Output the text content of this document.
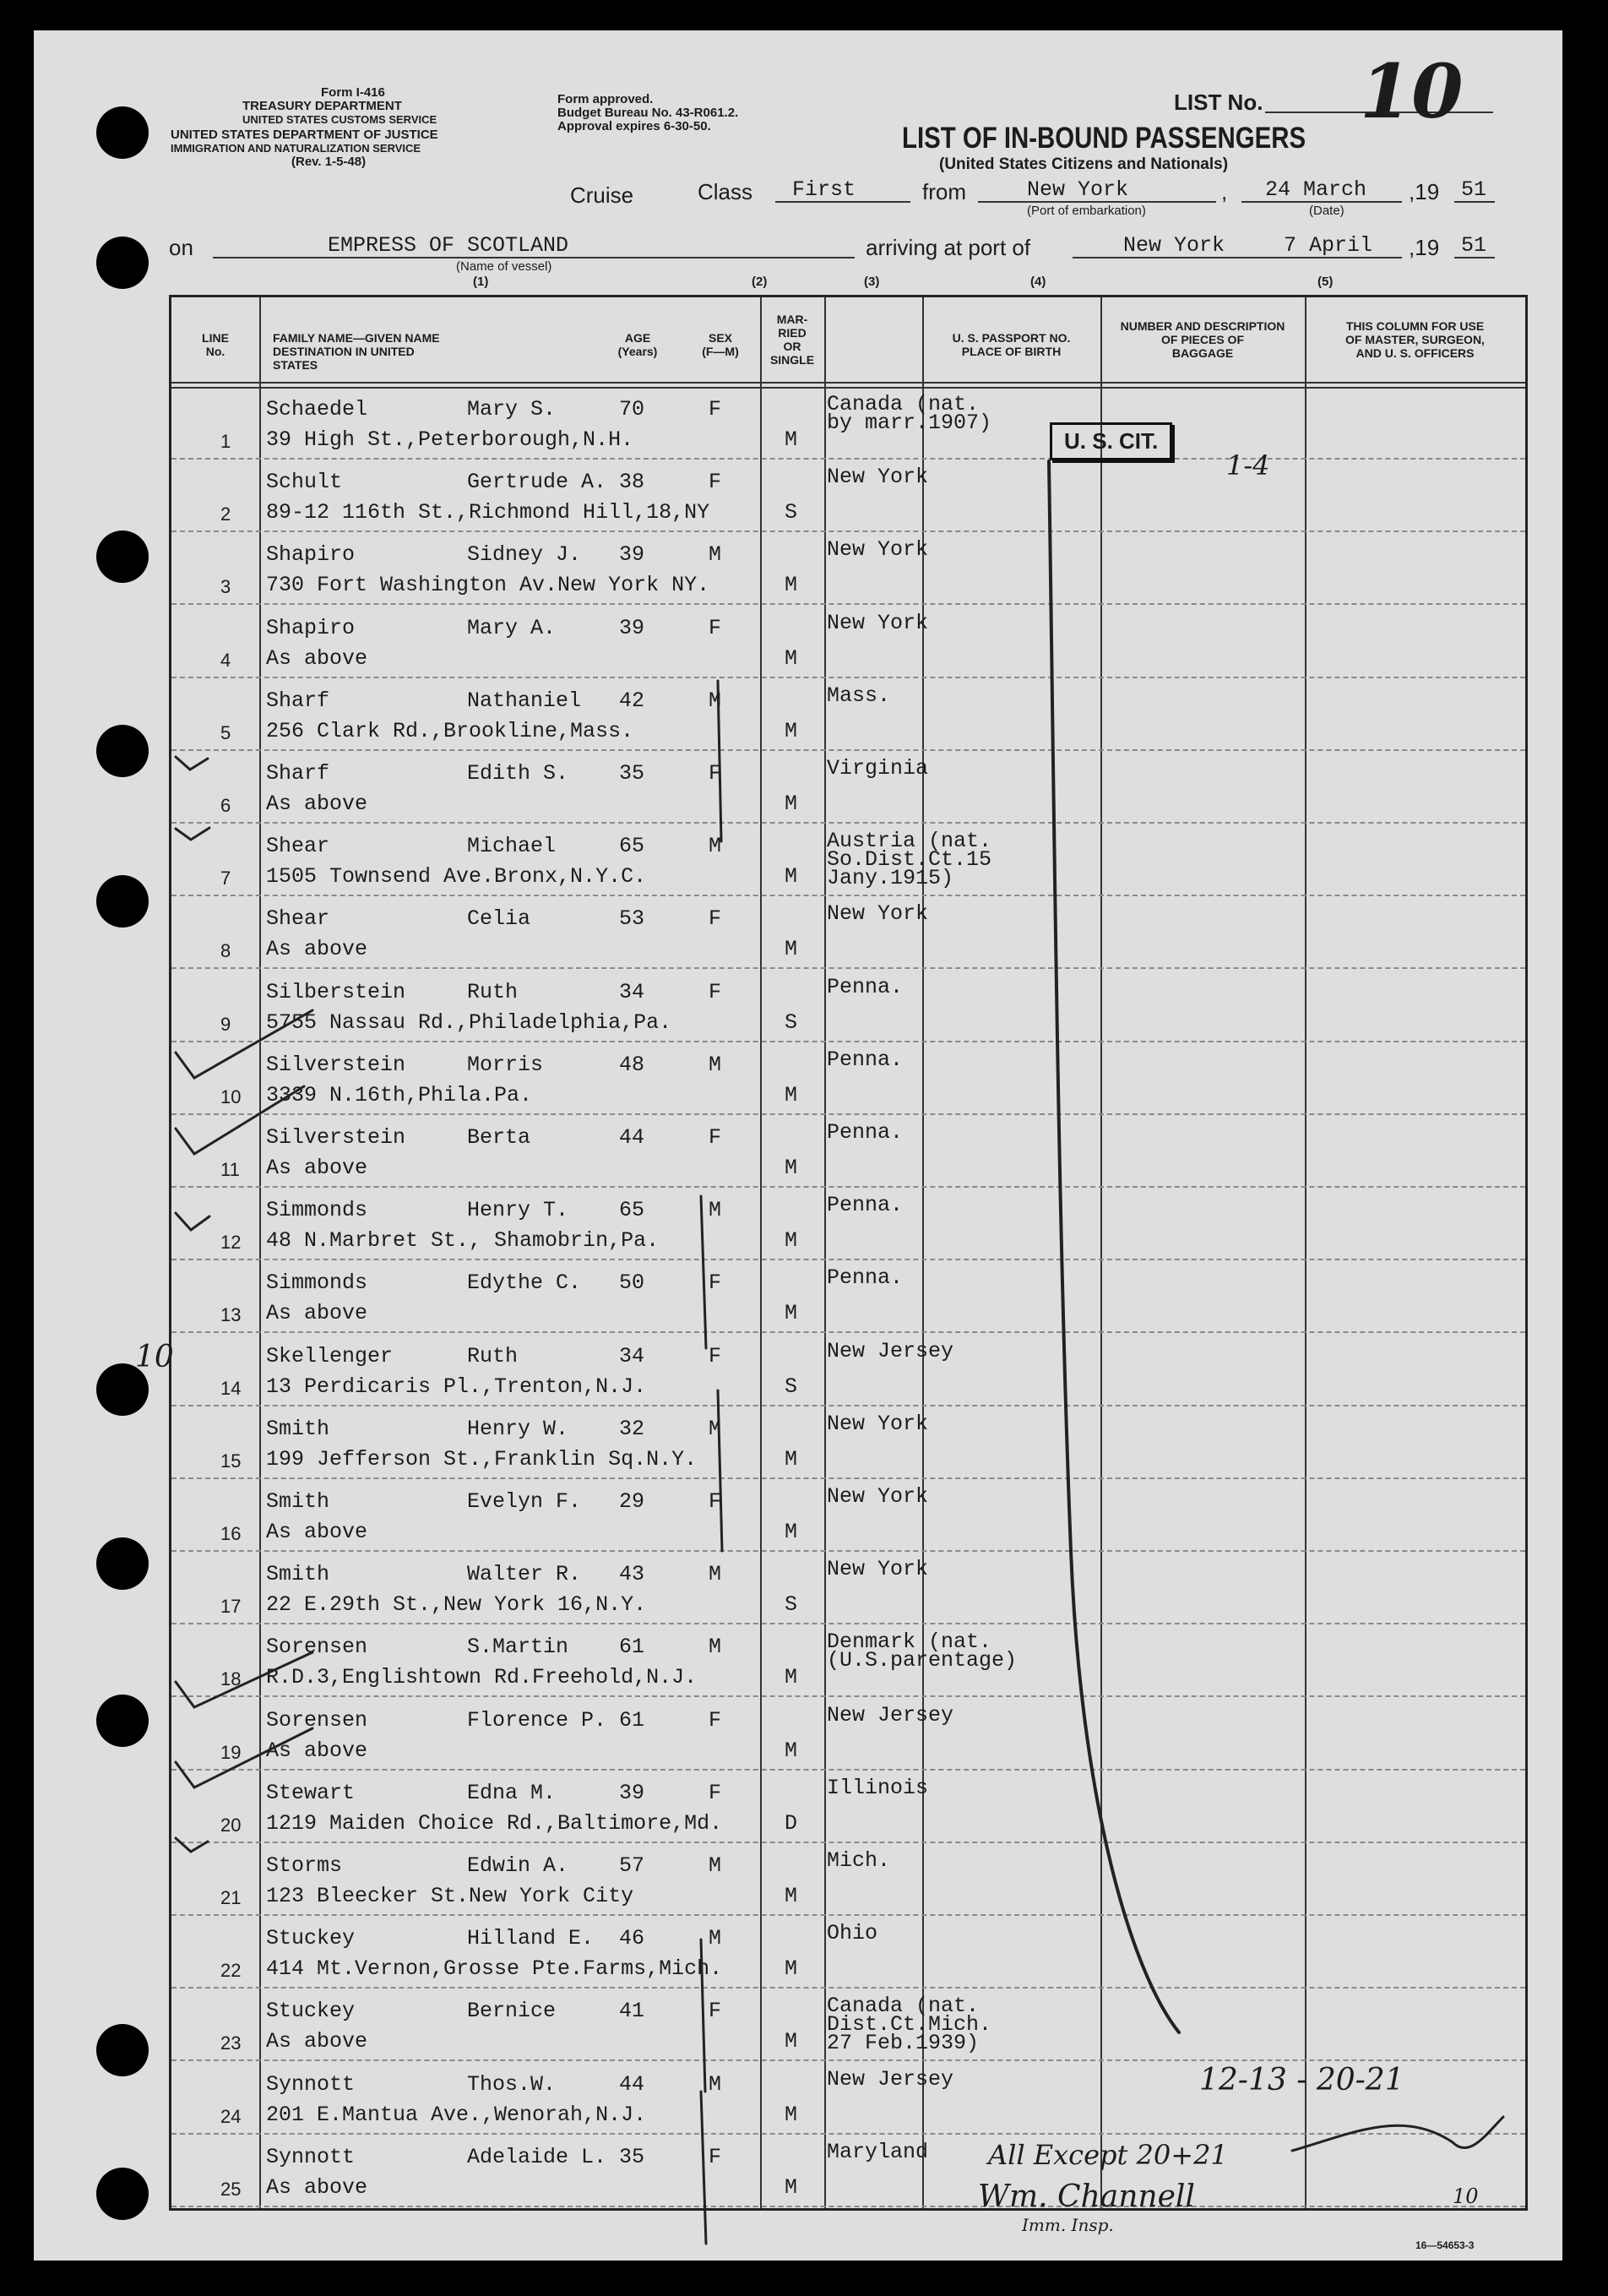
Form I-416
TREASURY DEPARTMENT
UNITED STATES CUSTOMS SERVICE
UNITED STATES DEPARTMENT OF JUSTICE
IMMIGRATION AND NATURALIZATION SERVICE
(Rev. 1-5-48)
Form approved.
Budget Bureau No. 43-R061.2.
Approval expires 6-30-50.
LIST No. 10
LIST OF IN-BOUND PASSENGERS
(United States Citizens and Nationals)
Cruise	Class First	from	New York
(Port of embarkation)
, 24 March
(Date)
,19 51
on	EMPRESS OF SCOTLAND
(Name of vessel)
arriving at port of	New York	7 April ,19 51
(1)	(2)	(3)	(4)	(5)
LINE
No.
FAMILY NAME—GIVEN NAME
DESTINATION IN UNITED STATES
AGE
(Years)
SEX
(F—M)
MAR-
RIED
OR
SINGLE
U. S. PASSPORT NO.
PLACE OF BIRTH
NUMBER AND DESCRIPTION
OF PIECES OF
BAGGAGE
THIS COLUMN FOR USE
OF MASTER, SURGEON,
AND U. S. OFFICERS
1
Schaedel	Mary S.	70	F
39 High St.,Peterborough,N.H.	M
Canada (nat.
by marr.1907)
2
Schult	Gertrude A. 38	F
89-12 116th St.,Richmond Hill,18,NY	S
New York
3
Shapiro	Sidney J. 39	M
730 Fort Washington Av.New York NY.	M
New York
4
Shapiro	Mary A.	39	F
As above	M
New York
5
Sharf	Nathaniel 42	M
256 Clark Rd.,Brookline,Mass.	M
Mass.
6
Sharf	Edith S. 35	F
As above	M
Virginia
7
Shear	Michael	65	M
1505 Townsend Ave.Bronx,N.Y.C.	M
Austria (nat.
So.Dist.Ct.15
Jany.1915)
8
Shear	Celia	53	F
As above	M
New York
9
Silberstein	Ruth	34	F
5755 Nassau Rd.,Philadelphia,Pa.	S
Penna.
10
Silverstein	Morris	48	M
3339 N.16th,Phila.Pa.	M
Penna.
11
Silverstein	Berta	44	F
As above	M
Penna.
12
Simmonds	Henry T. 65	M
48 N.Marbret St., Shamobrin,Pa.	M
Penna.
13
Simmonds	Edythe C. 50	F
As above	M
Penna.
14
Skellenger	Ruth	34	F
13 Perdicaris Pl.,Trenton,N.J.	S
New Jersey
15
Smith	Henry W. 32	M
199 Jefferson St.,Franklin Sq.N.Y.	M
New York
16
Smith	Evelyn F. 29	F
As above	M
New York
17
Smith	Walter R. 43	M
22 E.29th St.,New York 16,N.Y.	S
New York
18
Sorensen	S.Martin 61	M
R.D.3,Englishtown Rd.Freehold,N.J.	M
Denmark (nat.
(U.S.parentage)
19
Sorensen	Florence P. 61	F
As above	M
New Jersey
20
Stewart	Edna M.	39	F
1219 Maiden Choice Rd.,Baltimore,Md.	D
Illinois
21
Storms	Edwin A. 57	M
123 Bleecker St.New York City	M
Mich.
22
Stuckey	Hilland E. 46	M
414 Mt.Vernon,Grosse Pte.Farms,Mich.	M
Ohio
23
Stuckey	Bernice	41	F
As above	M
Canada (nat.
Dist.Ct.Mich.
27 Feb.1939)
24
Synnott	Thos.W.	44	M
201 E.Mantua Ave.,Wenorah,N.J.	M
New Jersey
25
Synnott	Adelaide L. 35	F
As above	M
Maryland
U. S. CIT.
1-4
10
12-13 - 20-21
All Except 20+21
Wm. Channell
Imm. Insp.
10
16—54653-3
